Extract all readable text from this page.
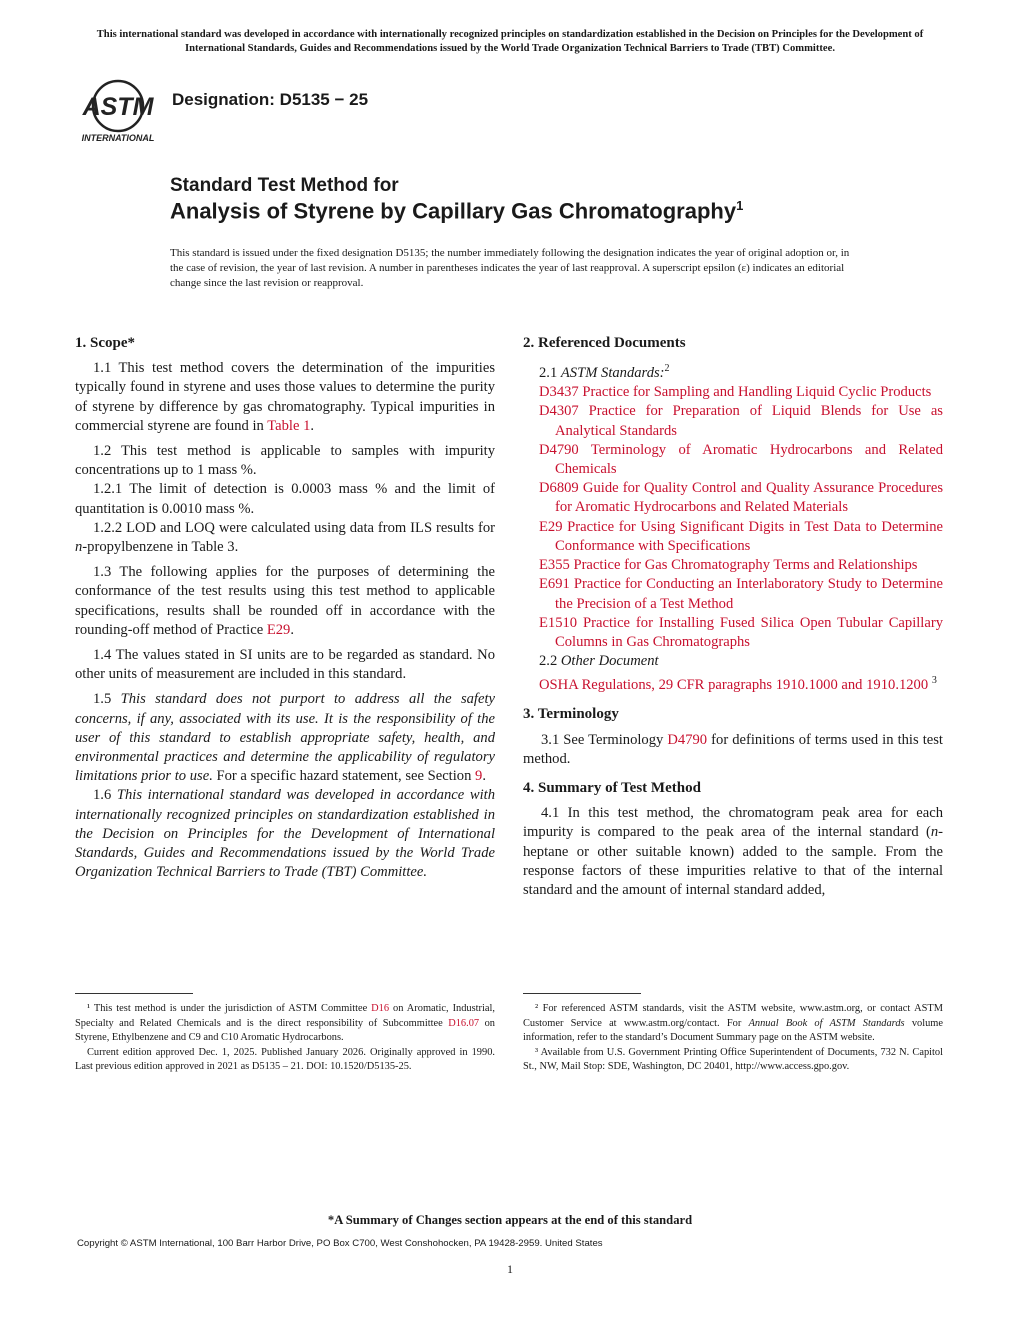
This international standard was developed in accordance with internationally recognized principles on standardization established in the Decision on Principles for the Development of International Standards, Guides and Recommendations issued by the World Trade Organization Technical Barriers to Trade (TBT) Committee.
ASTM
INTERNATIONAL
Designation: D5135 − 25
Standard Test Method for
Analysis of Styrene by Capillary Gas Chromatography$^1$
This standard is issued under the fixed designation D5135; the number immediately following the designation indicates the year of original adoption or, in the case of revision, the year of last revision. A number in parentheses indicates the year of last reapproval. A superscript epsilon (ε) indicates an editorial change since the last revision or reapproval.
1. Scope*

1.1 This test method covers the determination of the impurities typically found in styrene and uses those values to determine the purity of styrene by difference by gas chromatography. Typical impurities in commercial styrene are found in Table 1.

1.2 This test method is applicable to samples with impurity concentrations up to 1 mass %.

1.2.1 The limit of detection is 0.0003 mass % and the limit of quantitation is 0.0010 mass %.

1.2.2 LOD and LOQ were calculated using data from ILS results for n-propylbenzene in Table 3.

1.3 The following applies for the purposes of determining the conformance of the test results using this test method to applicable specifications, results shall be rounded off in accordance with the rounding-off method of Practice E29.

1.4 The values stated in SI units are to be regarded as standard. No other units of measurement are included in this standard.

1.5 This standard does not purport to address all the safety concerns, if any, associated with its use. It is the responsibility of the user of this standard to establish appropriate safety, health, and environmental practices and determine the applicability of regulatory limitations prior to use. For a specific hazard statement, see Section 9.

1.6 This international standard was developed in accordance with internationally recognized principles on standardization established in the Decision on Principles for the Development of International Standards, Guides and Recommendations issued by the World Trade Organization Technical Barriers to Trade (TBT) Committee.

2. Referenced Documents

2.1 ASTM Standards:$^2$

D3437 Practice for Sampling and Handling Liquid Cyclic Products

D4307 Practice for Preparation of Liquid Blends for Use as Analytical Standards

D4790 Terminology of Aromatic Hydrocarbons and Related Chemicals

D6809 Guide for Quality Control and Quality Assurance Procedures for Aromatic Hydrocarbons and Related Materials

E29 Practice for Using Significant Digits in Test Data to Determine Conformance with Specifications

E355 Practice for Gas Chromatography Terms and Relationships

E691 Practice for Conducting an Interlaboratory Study to Determine the Precision of a Test Method

E1510 Practice for Installing Fused Silica Open Tubular Capillary Columns in Gas Chromatographs

2.2 Other Document

OSHA Regulations, 29 CFR paragraphs 1910.1000 and 1910.1200 $^3$

3. Terminology

3.1 See Terminology D4790 for definitions of terms used in this test method.

4. Summary of Test Method

4.1 In this test method, the chromatogram peak area for each impurity is compared to the peak area of the internal standard (n-heptane or other suitable known) added to the sample. From the response factors of these impurities relative to that of the internal standard and the amount of internal standard added,

¹ This test method is under the jurisdiction of ASTM Committee D16 on Aromatic, Industrial, Specialty and Related Chemicals and is the direct responsibility of Subcommittee D16.07 on Styrene, Ethylbenzene and C9 and C10 Aromatic Hydrocarbons.

Current edition approved Dec. 1, 2025. Published January 2026. Originally approved in 1990. Last previous edition approved in 2021 as D5135 – 21. DOI: 10.1520/D5135-25.

² For referenced ASTM standards, visit the ASTM website, www.astm.org, or contact ASTM Customer Service at www.astm.org/contact. For Annual Book of ASTM Standards volume information, refer to the standard’s Document Summary page on the ASTM website.

³ Available from U.S. Government Printing Office Superintendent of Documents, 732 N. Capitol St., NW, Mail Stop: SDE, Washington, DC 20401, http://www.access.gpo.gov.

*A Summary of Changes section appears at the end of this standard
Copyright © ASTM International, 100 Barr Harbor Drive, PO Box C700, West Conshohocken, PA 19428-2959. United States
1
